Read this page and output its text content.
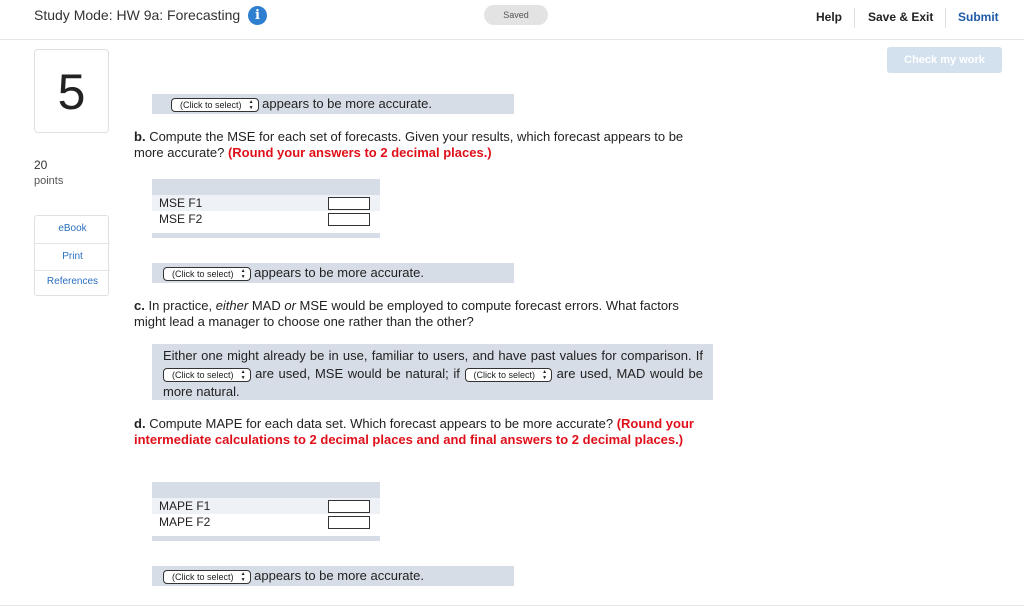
Study Mode: HW 9a: Forecasting	i	Saved	Help Save & Exit Submit
5
20
points
eBook
Print
References
Check my work
(Click to select) ▲
▼ appears to be more accurate.
b. Compute the MSE for each set of forecasts. Given your results, which forecast appears to be more accurate? (Round your answers to 2 decimal places.)
MSE F1
MSE F2
(Click to select) ▲
▼ appears to be more accurate.
c. In practice, either MAD or MSE would be employed to compute forecast errors. What factors might lead a manager to choose one rather than the other?
Either one might already be in use, familiar to users, and have past values for comparison. If (Click to select) ▲
▼ are used, MSE would be natural; if (Click to select) ▲
▼ are used, MAD would be more natural.
d. Compute MAPE for each data set. Which forecast appears to be more accurate? (Round your intermediate calculations to 2 decimal places and and final answers to 2 decimal places.)
MAPE F1
MAPE F2
(Click to select) ▲
▼ appears to be more accurate.
